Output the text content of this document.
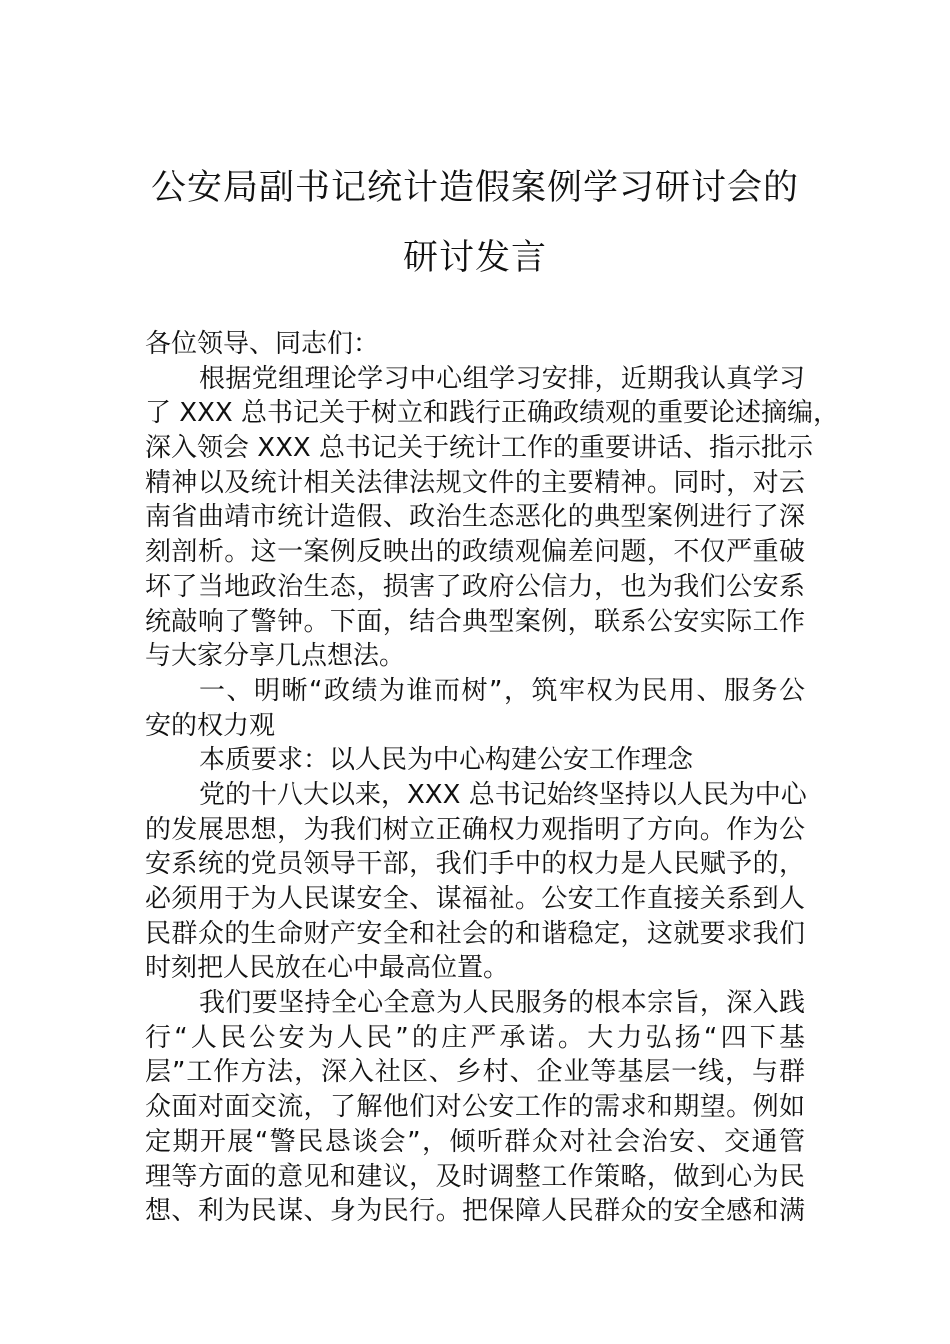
公安局副书记统计造假案例学习研讨会的
研讨发言
各位领导、同志们：
根据党组理论学习中心组学习安排，近期我认真学习
了 XXX 总书记关于树立和践行正确政绩观的重要论述摘编，
深入领会 XXX 总书记关于统计工作的重要讲话、指示批示
精神以及统计相关法律法规文件的主要精神。同时，对云
南省曲靖市统计造假、政治生态恶化的典型案例进行了深
刻剖析。这一案例反映出的政绩观偏差问题，不仅严重破
坏了当地政治生态，损害了政府公信力，也为我们公安系
统敲响了警钟。下面，结合典型案例，联系公安实际工作
与大家分享几点想法。
一、明晰“政绩为谁而树”，筑牢权为民用、服务公
安的权力观
本质要求：以人民为中心构建公安工作理念
党的十八大以来，XXX 总书记始终坚持以人民为中心
的发展思想，为我们树立正确权力观指明了方向。作为公
安系统的党员领导干部，我们手中的权力是人民赋予的，
必须用于为人民谋安全、谋福祉。公安工作直接关系到人
民群众的生命财产安全和社会的和谐稳定，这就要求我们
时刻把人民放在心中最高位置。
我们要坚持全心全意为人民服务的根本宗旨，深入践
行“人民公安为人民”的庄严承诺。大力弘扬“四下基
层”工作方法，深入社区、乡村、企业等基层一线，与群
众面对面交流，了解他们对公安工作的需求和期望。例如
定期开展“警民恳谈会”，倾听群众对社会治安、交通管
理等方面的意见和建议，及时调整工作策略，做到心为民
想、利为民谋、身为民行。把保障人民群众的安全感和满
